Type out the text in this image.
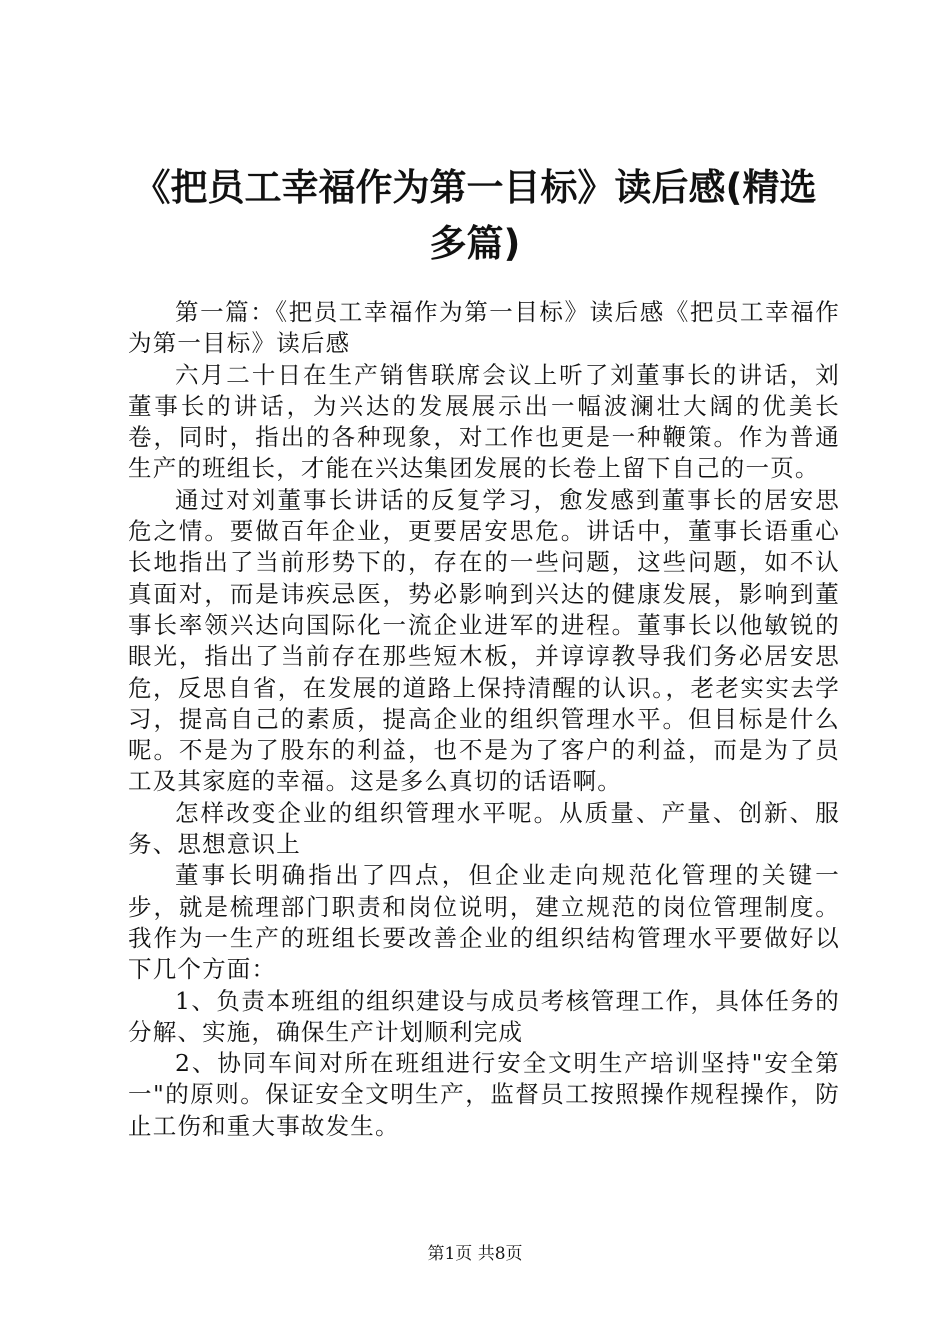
《把员工幸福作为第一目标》读后感(精选多篇)

第一篇：《把员工幸福作为第一目标》读后感《把员工幸福作为第一目标》读后感

六月二十日在生产销售联席会议上听了刘董事长的讲话，刘董事长的讲话，为兴达的发展展示出一幅波澜壮大阔的优美长卷，同时，指出的各种现象，对工作也更是一种鞭策。作为普通生产的班组长，才能在兴达集团发展的长卷上留下自己的一页。

通过对刘董事长讲话的反复学习，愈发感到董事长的居安思危之情。要做百年企业，更要居安思危。讲话中，董事长语重心长地指出了当前形势下的，存在的一些问题，这些问题，如不认真面对，而是讳疾忌医，势必影响到兴达的健康发展，影响到董事长率领兴达向国际化一流企业进军的进程。董事长以他敏锐的眼光，指出了当前存在那些短木板，并谆谆教导我们务必居安思危，反思自省，在发展的道路上保持清醒的认识。，老老实实去学习，提高自己的素质，提高企业的组织管理水平。但目标是什么呢。不是为了股东的利益，也不是为了客户的利益，而是为了员工及其家庭的幸福。这是多么真切的话语啊。

怎样改变企业的组织管理水平呢。从质量、产量、创新、服务、思想意识上

董事长明确指出了四点，但企业走向规范化管理的关键一步，就是梳理部门职责和岗位说明，建立规范的岗位管理制度。我作为一生产的班组长要改善企业的组织结构管理水平要做好以下几个方面：

1、负责本班组的组织建设与成员考核管理工作，具体任务的分解、实施，确保生产计划顺利完成

2、协同车间对所在班组进行安全文明生产培训坚持"安全第一"的原则。保证安全文明生产，监督员工按照操作规程操作，防止工伤和重大事故发生。

第1页 共8页
